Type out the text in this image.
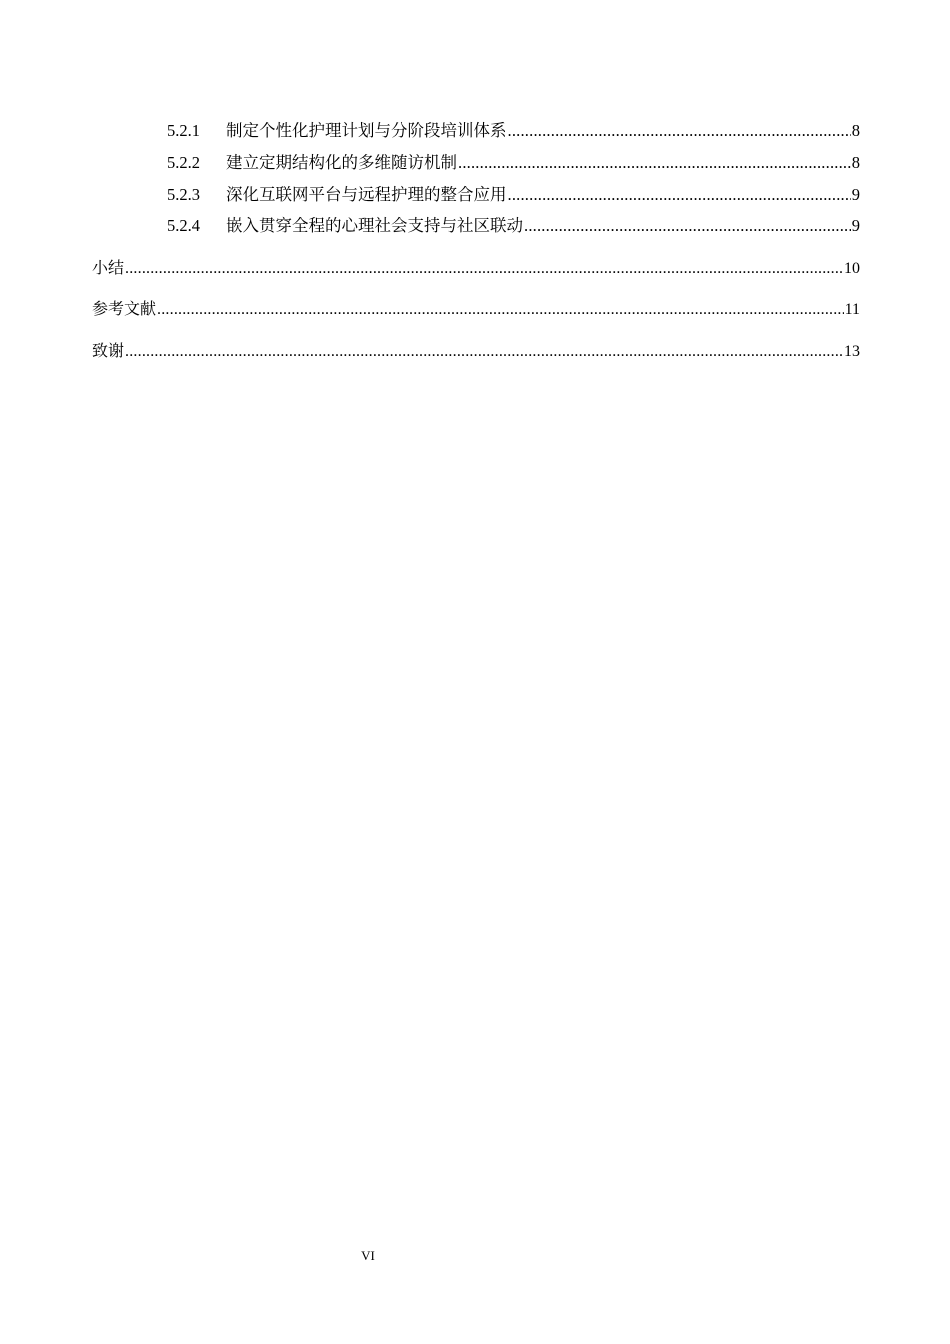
5.2.1	制定个性化护理计划与分阶段培训体系 .....	8
5.2.2	建立定期结构化的多维随访机制 .....	8
5.2.3	深化互联网平台与远程护理的整合应用 .....	9
5.2.4	嵌入贯穿全程的心理社会支持与社区联动 .....	9
小结 .....	10
参考文献 .....	11
致谢 .....	13
VI
